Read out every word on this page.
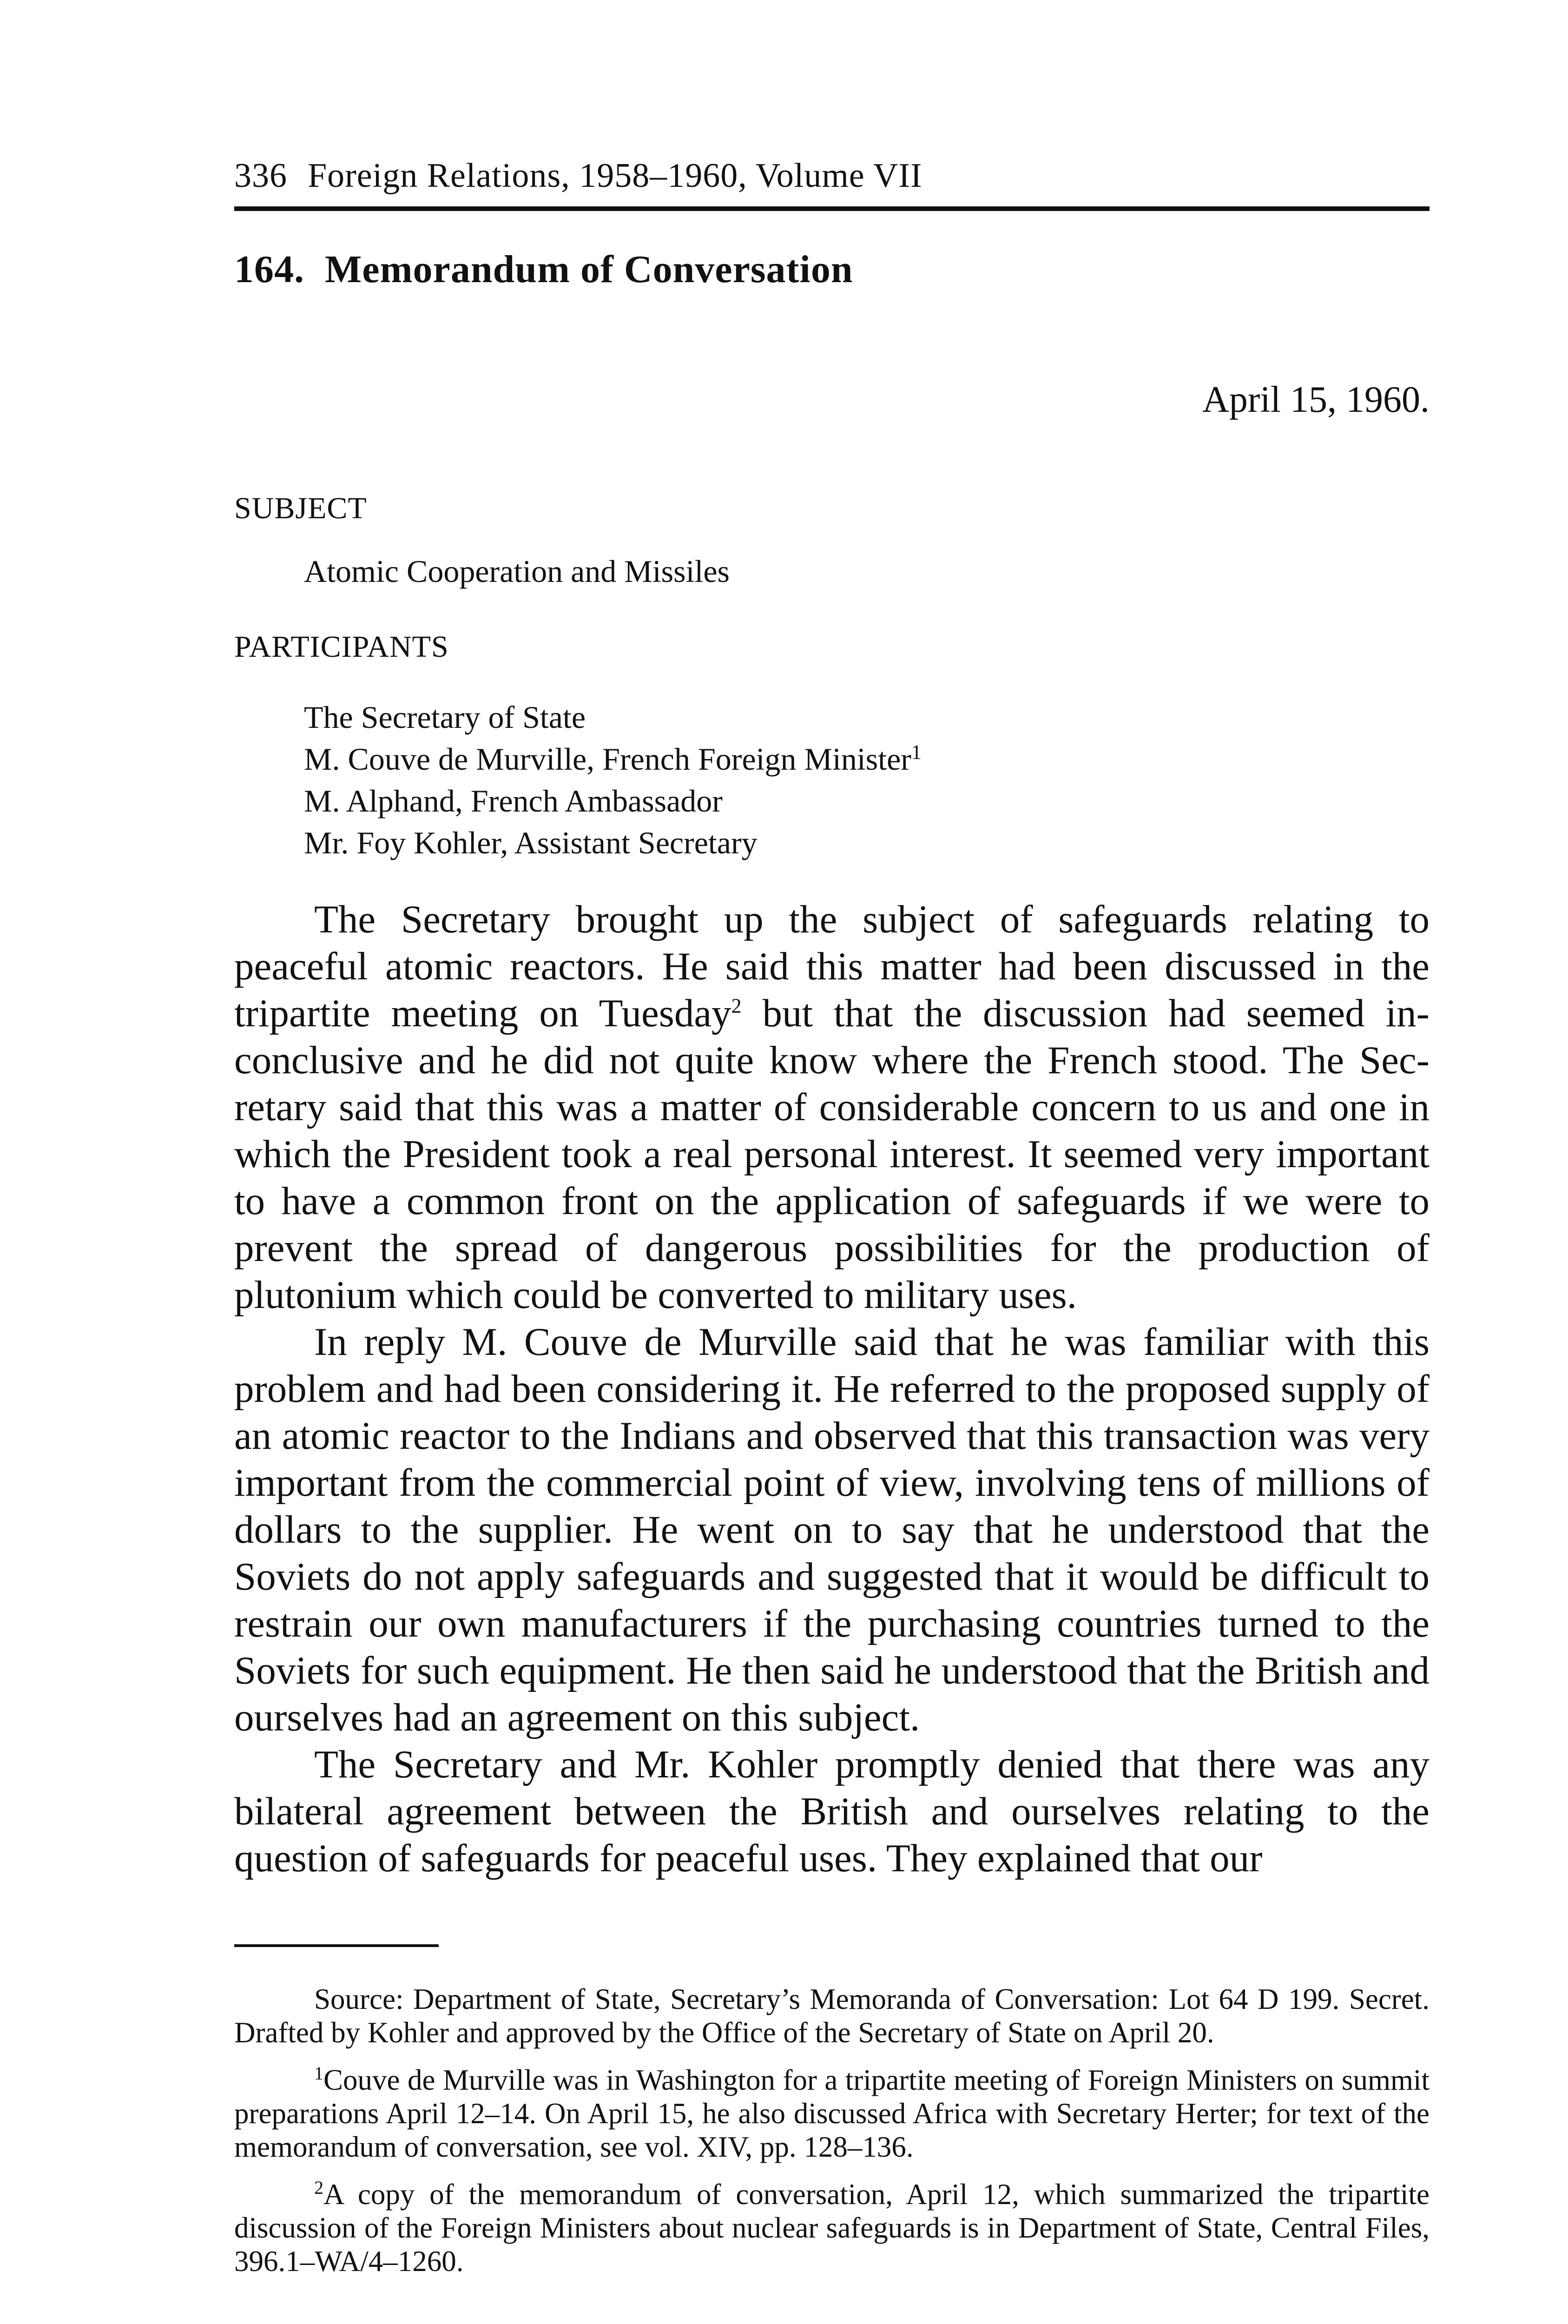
336 Foreign Relations, 1958–1960, Volume VII
164. Memorandum of Conversation
April 15, 1960.
SUBJECT
Atomic Cooperation and Missiles
PARTICIPANTS
The Secretary of State
M. Couve de Murville, French Foreign Minister$^1$
M. Alphand, French Ambassador
Mr. Foy Kohler, Assistant Secretary

The Secretary brought up the subject of safeguards relating to peaceful atomic reactors. He said this matter had been discussed in the tripartite meeting on Tuesday$^2$ but that the discussion had seemed inconclusive and he did not quite know where the French stood. The Secretary said that this was a matter of considerable concern to us and one in which the President took a real personal interest. It seemed very important to have a common front on the application of safeguards if we were to prevent the spread of dangerous possibilities for the production of plutonium which could be converted to military uses.

In reply M. Couve de Murville said that he was familiar with this problem and had been considering it. He referred to the proposed supply of an atomic reactor to the Indians and observed that this transaction was very important from the commercial point of view, involving tens of millions of dollars to the supplier. He went on to say that he understood that the Soviets do not apply safeguards and suggested that it would be difficult to restrain our own manufacturers if the purchasing countries turned to the Soviets for such equipment. He then said he understood that the British and ourselves had an agreement on this subject.

The Secretary and Mr. Kohler promptly denied that there was any bilateral agreement between the British and ourselves relating to the question of safeguards for peaceful uses. They explained that our

Source: Department of State, Secretary’s Memoranda of Conversation: Lot 64 D 199. Secret. Drafted by Kohler and approved by the Office of the Secretary of State on April 20.

$^1$Couve de Murville was in Washington for a tripartite meeting of Foreign Ministers on summit preparations April 12–14. On April 15, he also discussed Africa with Secretary Herter; for text of the memorandum of conversation, see vol. XIV, pp. 128–136.

$^2$A copy of the memorandum of conversation, April 12, which summarized the tripartite discussion of the Foreign Ministers about nuclear safeguards is in Department of State, Central Files, 396.1–WA/4–1260.
